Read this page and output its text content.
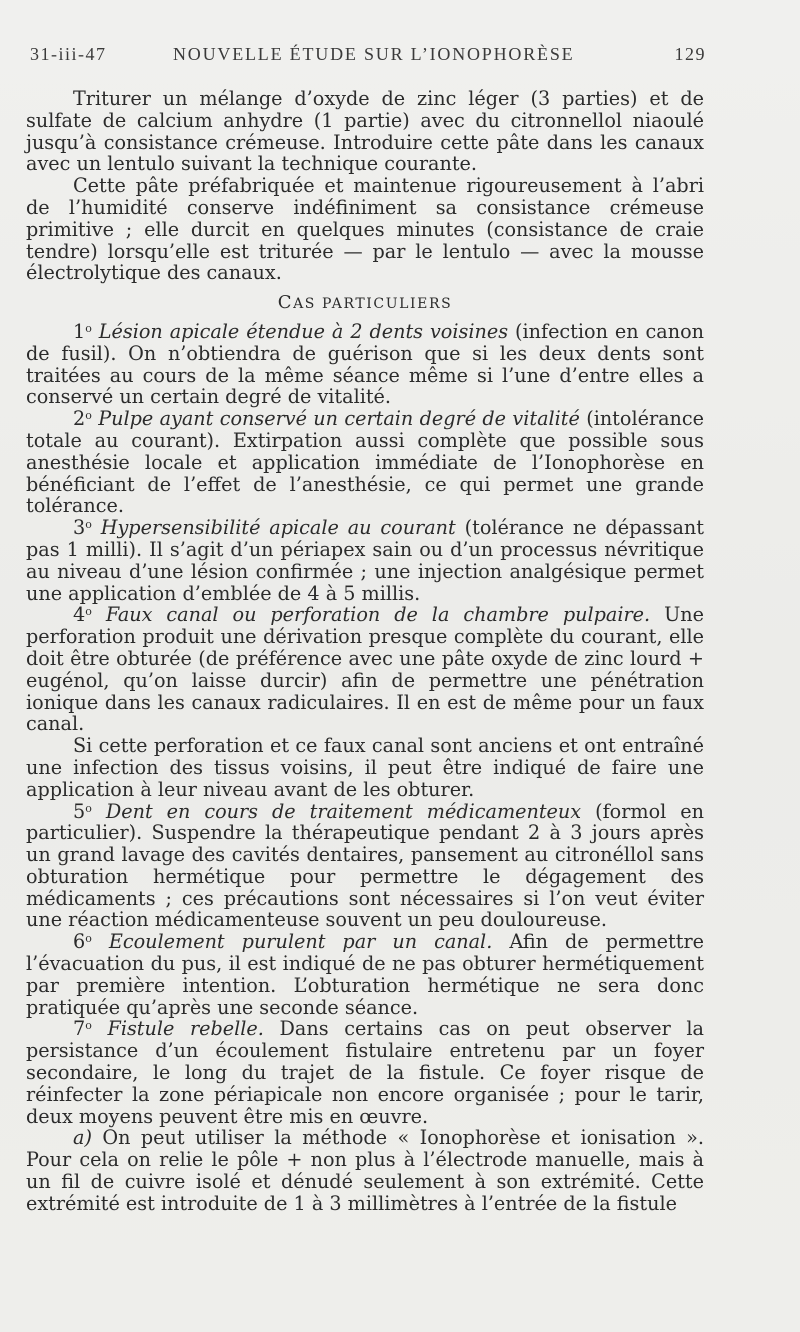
31-iii-47	NOUVELLE ÉTUDE SUR L’IONOPHORÈSE	129

Triturer un mélange d’oxyde de zinc léger (3 parties) et de sulfate de calcium anhydre (1 partie) avec du citronnellol niaoulé jusqu’à consistance crémeuse. Introduire cette pâte dans les canaux avec un lentulo suivant la technique courante.

Cette pâte préfabriquée et maintenue rigoureusement à l’abri de l’humidité conserve indéfiniment sa consistance crémeuse primitive ; elle durcit en quelques minutes (consistance de craie tendre) lorsqu’elle est triturée — par le lentulo — avec la mousse électrolytique des canaux.

CAS PARTICULIERS

1$^o$ Lésion apicale étendue à 2 dents voisines (infection en canon de fusil). On n’obtiendra de guérison que si les deux dents sont traitées au cours de la même séance même si l’une d’entre elles a conservé un certain degré de vitalité.

2$^o$ Pulpe ayant conservé un certain degré de vitalité (intolérance totale au courant). Extirpation aussi complète que possible sous anesthésie locale et application immédiate de l’Ionophorèse en bénéficiant de l’effet de l’anesthésie, ce qui permet une grande tolérance.

3$^o$ Hypersensibilité apicale au courant (tolérance ne dépassant pas 1 milli). Il s’agit d’un périapex sain ou d’un processus névritique au niveau d’une lésion confirmée ; une injection analgésique permet une application d’emblée de 4 à 5 millis.

4$^o$ Faux canal ou perforation de la chambre pulpaire. Une perforation produit une dérivation presque complète du courant, elle doit être obturée (de préférence avec une pâte oxyde de zinc lourd + eugénol, qu’on laisse durcir) afin de permettre une pénétration ionique dans les canaux radiculaires. Il en est de même pour un faux canal.

Si cette perforation et ce faux canal sont anciens et ont entraîné une infection des tissus voisins, il peut être indiqué de faire une application à leur niveau avant de les obturer.

5$^o$ Dent en cours de traitement médicamenteux (formol en particulier). Suspendre la thérapeutique pendant 2 à 3 jours après un grand lavage des cavités dentaires, pansement au citronéllol sans obturation hermétique pour permettre le dégagement des médicaments ; ces précautions sont nécessaires si l’on veut éviter une réaction médicamenteuse souvent un peu douloureuse.

6$^o$ Ecoulement purulent par un canal. Afin de permettre l’évacuation du pus, il est indiqué de ne pas obturer hermétiquement par première intention. L’obturation hermétique ne sera donc pratiquée qu’après une seconde séance.

7$^o$ Fistule rebelle. Dans certains cas on peut observer la persistance d’un écoulement fistulaire entretenu par un foyer secondaire, le long du trajet de la fistule. Ce foyer risque de réinfecter la zone périapicale non encore organisée ; pour le tarir, deux moyens peuvent être mis en œuvre.

a) On peut utiliser la méthode « Ionophorèse et ionisation ». Pour cela on relie le pôle + non plus à l’électrode manuelle, mais à un fil de cuivre isolé et dénudé seulement à son extrémité. Cette extrémité est introduite de 1 à 3 millimètres à l’entrée de la fistule
